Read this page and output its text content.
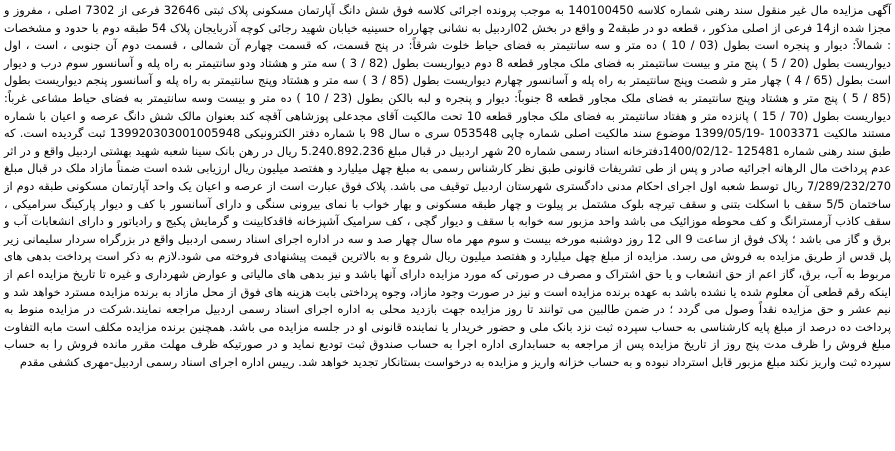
آگهی مزایده مال غیر منقول سند رهنی شماره کلاسه 140100450 به موجب پرونده اجرائی کلاسه فوق شش دانگ آپارتمان مسکونی پلاک ثبتی 32646 فرعی از 7302 اصلی ، مفروز و مجزا شده از14 فرعی از اصلی مذکور ، قطعه دو در طبقه2 و واقع در بخش 02اردبیل به نشانی چهارراه حسینیه خیابان شهید رجائی کوچه آذربایجان پلاک 54 طبقه دوم با حدود و مشخصات : شمالاً: دیوار و پنجره است بطول (03 / 10 ) ده متر و سه سانتیمتر به فضای حیاط خلوت شرقاً: در پنج قسمت، که قسمت چهارم آن شمالی ، قسمت دوم آن جنوبی ، است ، اول دیواریست بطول (20 / 5 ) پنج متر و بیست سانتیمتر به فضای ملک مجاور قطعه 8 دوم دیواریست بطول (82 / 3 ) سه متر و هشتاد ودو سانتیمتر به راه پله و آسانسور سوم درب و دیوار است بطول (65 / 4 ) چهار متر و شصت وپنج سانتیمتر به راه پله و آسانسور چهارم دیواریست بطول (85 / 3 ) سه متر و هشتاد وپنج سانتیمتر به راه پله و آسانسور پنجم دیواریست بطول (85 / 5 ) پنج متر و هشتاد وپنج سانتیمتر به فضای ملک مجاور قطعه 8 جنوباً: دیوار و پنجره و لبه بالکن بطول (23 / 10 ) ده متر و بیست وسه سانتیمتر به فضای حیاط مشاعی غرباً: دیواریست بطول (70 / 15 ) پانزده متر و هفتاد سانتیمتر به فضای ملک مجاور قطعه 10 تحت مالکیت آقای مجدعلی پوزشاهی آقچه کند بعنوان مالک شش دانگ عرصه و اعیان با شماره مستند مالکیت 1003371 -1399/05/19 موضوع سند مالکیت اصلی شماره چاپی 053548 سری ه سال 98 با شماره دفتر الکترونیکی 139920303001005948 ثبت گردیده است. که طبق سند رهنی شماره 125481 -1400/02/12دفترخانه اسناد رسمی شماره 20 شهر اردبیل در قبال مبلغ 5.240.892.236 ریال در رهن بانک سینا شعبه شهید بهشتی اردبیل واقع و در اثر عدم پرداخت مال الرهانه اجرائیه صادر و پس از طی تشریفات قانونی طبق نظر کارشناس رسمی به مبلغ چهل میلیارد و هفتصد میلیون ریال ارزیابی شده است ضمناً مازاد ملک در قبال مبلغ 7/289/232/270 ریال توسط شعبه اول اجرای احکام مدنی دادگستری شهرستان اردبیل توقیف می باشد. پلاک فوق عبارت است از عرصه و اعیان یک واحد آپارتمان مسکونی طبقه دوم از ساختمان 5/5 سقف با اسکلت بتنی و سقف تیرچه بلوک مشتمل بر پیلوت و چهار طبقه مسکونی و بهار خواب با نمای بیرونی سنگی و دارای آسانسور با کف و دیوار پارکینگ سرامیکی ، سقف کاذب آرمسترانگ و کف محوطه موزائیک می باشد واحد مزبور سه خوابه با سقف و دیوار گچی ، کف سرامیک آشپزخانه فاقدکابینت و گرمایش پکیج و رادیاتور و دارای انشعابات آب و برق و گاز می باشد ؛ پلاک فوق از ساعت 9 الی 12 روز دوشنبه مورخه بیست و سوم مهر ماه سال چهار صد و سه در اداره اجرای اسناد رسمی اردبیل واقع در بزرگراه سردار سلیمانی زیر پل قدس از طریق مزایده به فروش می رسد. مزایده از مبلغ چهل میلیارد و هفتصد میلیون ریال شروع و به بالاترین قیمت پیشنهادی فروخته می شود.لازم به ذکر است پرداخت بدهی های مربوط به آب، برق، گاز اعم از حق انشعاب و یا حق اشتراک و مصرف در صورتی که مورد مزایده دارای آنها باشد و نیز بدهی های مالیاتی و عوارض شهرداری و غیره تا تاریخ مزایده اعم از اینکه رقم قطعی آن معلوم شده یا نشده باشد به عهده برنده مزایده است و نیز در صورت وجود مازاد، وجوه پرداختی بابت هزینه های فوق از محل مازاد به برنده مزایده مسترد خواهد شد و نیم عشر و حق مزایده نقداً وصول می گردد ؛ در ضمن طالبین می توانند تا روز مزایده جهت بازدید محلی به اداره اجرای اسناد رسمی اردبیل مراجعه نمایند.شرکت در مزایده منوط به پرداخت ده درصد از مبلغ پایه کارشناسی به حساب سپرده ثبت نزد بانک ملی و حضور خریدار یا نماینده قانونی او در جلسه مزایده می باشد. همچنین برنده مزایده مکلف است مابه التفاوت مبلغ فروش را ظرف مدت پنج روز از تاریخ مزایده پس از مراجعه به حسابداری اداره اجرا به حساب صندوق ثبت تودیع نماید و در صورتیکه ظرف مهلت مقرر مانده فروش را به حساب سپرده ثبت واریز نکند مبلغ مزبور قابل استرداد نبوده و به حساب خزانه واریز و مزایده به درخواست بستانکار تجدید خواهد شد. رییس اداره اجرای اسناد رسمی اردبیل-مهری کشفی مقدم
